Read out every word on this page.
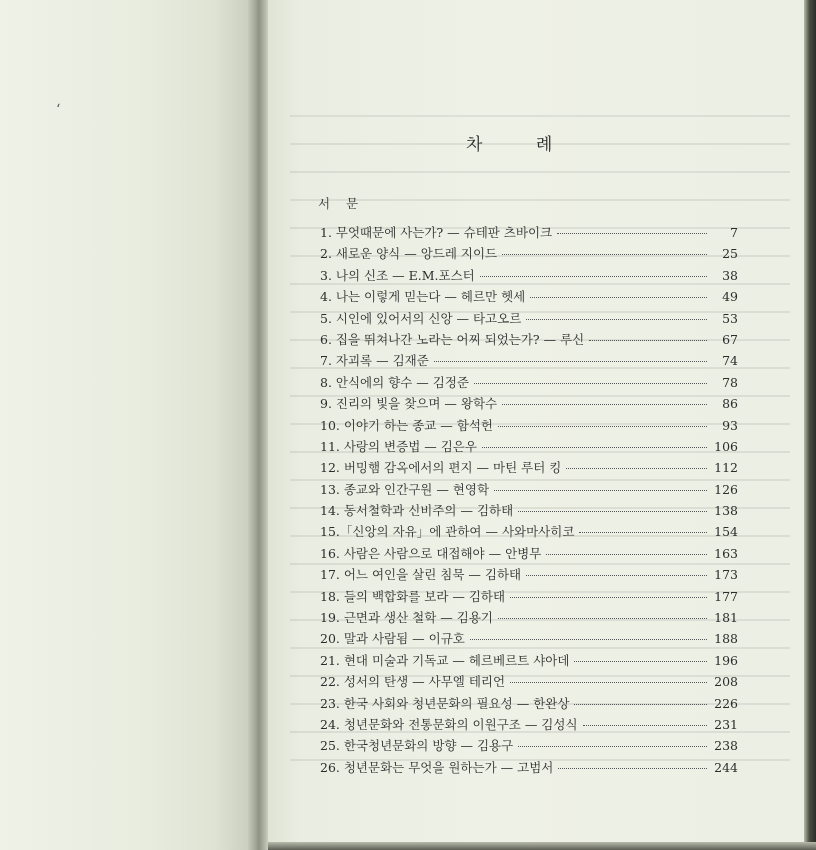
ʻ
차 례
서 문
1. 무엇때문에 사는가? — 슈테판 츠바이크	7
2. 새로운 양식 — 앙드레 지이드	25
3. 나의 신조 — E.M.포스터	38
4. 나는 이렇게 믿는다 — 헤르만 헷세	49
5. 시인에 있어서의 신앙 — 타고오르	53
6. 집을 뛰쳐나간 노라는 어찌 되었는가? — 루신	67
7. 자괴록 — 김재준	74
8. 안식에의 향수 — 김정준	78
9. 진리의 빛을 찾으며 — 왕학수	86
10. 이야기 하는 종교 — 함석헌	93
11. 사랑의 변증법 — 김은우	106
12. 버밍햄 감옥에서의 편지 — 마틴 루터 킹	112
13. 종교와 인간구원 — 현영학	126
14. 동서철학과 신비주의 — 김하태	138
15.「신앙의 자유」에 관하여 — 사와마사히코	154
16. 사람은 사람으로 대접해야 — 안병무	163
17. 어느 여인을 살린 침묵 — 김하태	173
18. 들의 백합화를 보라 — 김하태	177
19. 근면과 생산 철학 — 김용기	181
20. 말과 사람됨 — 이규호	188
21. 현대 미술과 기독교 — 헤르베르트 샤아데	196
22. 성서의 탄생 — 사무엘 테리언	208
23. 한국 사회와 청년문화의 필요성 — 한완상	226
24. 청년문화와 전통문화의 이원구조 — 김성식	231
25. 한국청년문화의 방향 — 김용구	238
26. 청년문화는 무엇을 원하는가 — 고범서	244
